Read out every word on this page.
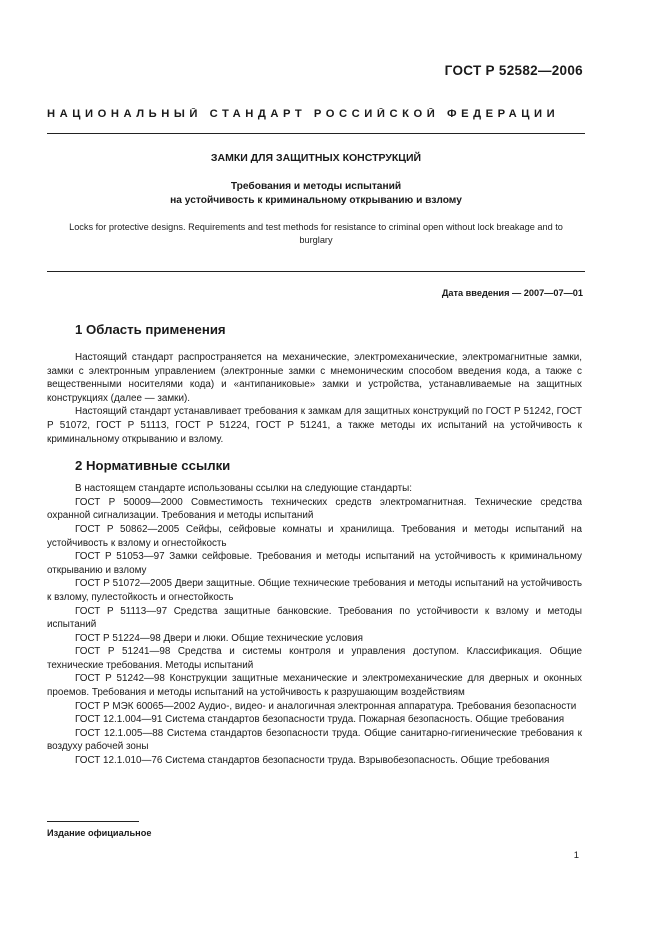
ГОСТ Р 52582—2006
НАЦИОНАЛЬНЫЙ СТАНДАРТ РОССИЙСКОЙ ФЕДЕРАЦИИ
ЗАМКИ ДЛЯ ЗАЩИТНЫХ КОНСТРУКЦИЙ
Требования и методы испытаний
на устойчивость к криминальному открыванию и взлому
Locks for protective designs. Requirements and test methods for resistance to criminal open without lock breakage and to burglary
Дата введения — 2007—07—01
1 Область применения

Настоящий стандарт распространяется на механические, электромеханические, электромагнитные замки, замки с электронным управлением (электронные замки с мнемоническим способом введения кода, а также с вещественными носителями кода) и «антипаниковые» замки и устройства, устанавливаемые на защитных конструкциях (далее — замки).

Настоящий стандарт устанавливает требования к замкам для защитных конструкций по ГОСТ Р 51242, ГОСТ Р 51072, ГОСТ Р 51113, ГОСТ Р 51224, ГОСТ Р 51241, а также методы их испытаний на устойчивость к криминальному открыванию и взлому.

2 Нормативные ссылки

В настоящем стандарте использованы ссылки на следующие стандарты:

ГОСТ Р 50009—2000 Совместимость технических средств электромагнитная. Технические средства охранной сигнализации. Требования и методы испытаний

ГОСТ Р 50862—2005 Сейфы, сейфовые комнаты и хранилища. Требования и методы испытаний на устойчивость к взлому и огнестойкость

ГОСТ Р 51053—97 Замки сейфовые. Требования и методы испытаний на устойчивость к криминальному открыванию и взлому

ГОСТ Р 51072—2005 Двери защитные. Общие технические требования и методы испытаний на устойчивость к взлому, пулестойкость и огнестойкость

ГОСТ Р 51113—97 Средства защитные банковские. Требования по устойчивости к взлому и методы испытаний

ГОСТ Р 51224—98 Двери и люки. Общие технические условия

ГОСТ Р 51241—98 Средства и системы контроля и управления доступом. Классификация. Общие технические требования. Методы испытаний

ГОСТ Р 51242—98 Конструкции защитные механические и электромеханические для дверных и оконных проемов. Требования и методы испытаний на устойчивость к разрушающим воздействиям

ГОСТ Р МЭК 60065—2002 Аудио-, видео- и аналогичная электронная аппаратура. Требования безопасности

ГОСТ 12.1.004—91 Система стандартов безопасности труда. Пожарная безопасность. Общие требования

ГОСТ 12.1.005—88 Система стандартов безопасности труда. Общие санитарно-гигиенические требования к воздуху рабочей зоны

ГОСТ 12.1.010—76 Система стандартов безопасности труда. Взрывобезопасность. Общие требования

Издание официальное
1
